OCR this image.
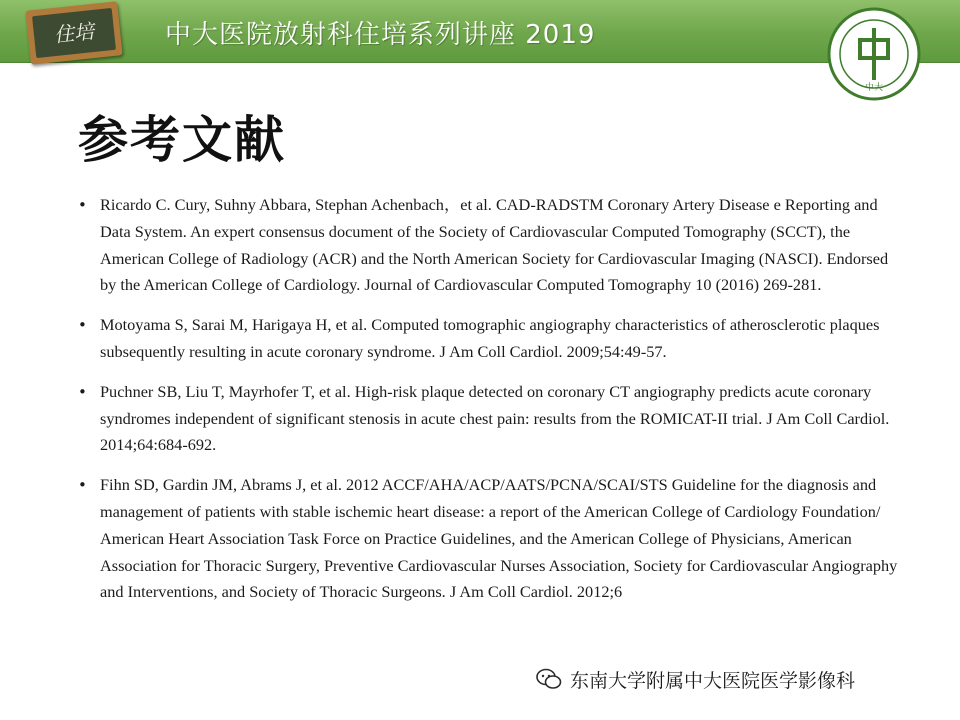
住培	中大医院放射科住培系列讲座 2019
中大
参考文献
• Ricardo C. Cury, Suhny Abbara, Stephan Achenbach，et al. CAD-RADSTM Coronary Artery Disease e Reporting and Data System. An expert consensus document of the Society of Cardiovascular Computed Tomography (SCCT), the American College of Radiology (ACR) and the North American Society for Cardiovascular Imaging (NASCI). Endorsed by the American College of Cardiology. Journal of Cardiovascular Computed Tomography 10 (2016) 269-281.
• Motoyama S, Sarai M, Harigaya H, et al. Computed tomographic angiography characteristics of atherosclerotic plaques subsequently resulting in acute coronary syndrome. J Am Coll Cardiol. 2009;54:49-57.
• Puchner SB, Liu T, Mayrhofer T, et al. High-risk plaque detected on coronary CT angiography predicts acute coronary syndromes independent of significant stenosis in acute chest pain: results from the ROMICAT-II trial. J Am Coll Cardiol. 2014;64:684-692.
• Fihn SD, Gardin JM, Abrams J, et al. 2012 ACCF/AHA/ACP/AATS/PCNA/SCAI/STS Guideline for the diagnosis and management of patients with stable ischemic heart disease: a report of the American College of Cardiology Foundation/ American Heart Association Task Force on Practice Guidelines, and the American College of Physicians, American Association for Thoracic Surgery, Preventive Cardiovascular Nurses Association, Society for Cardiovascular Angiography and Interventions, and Society of Thoracic Surgeons. J Am Coll Cardiol. 2012;6
东南大学附属中大医院医学影像科
